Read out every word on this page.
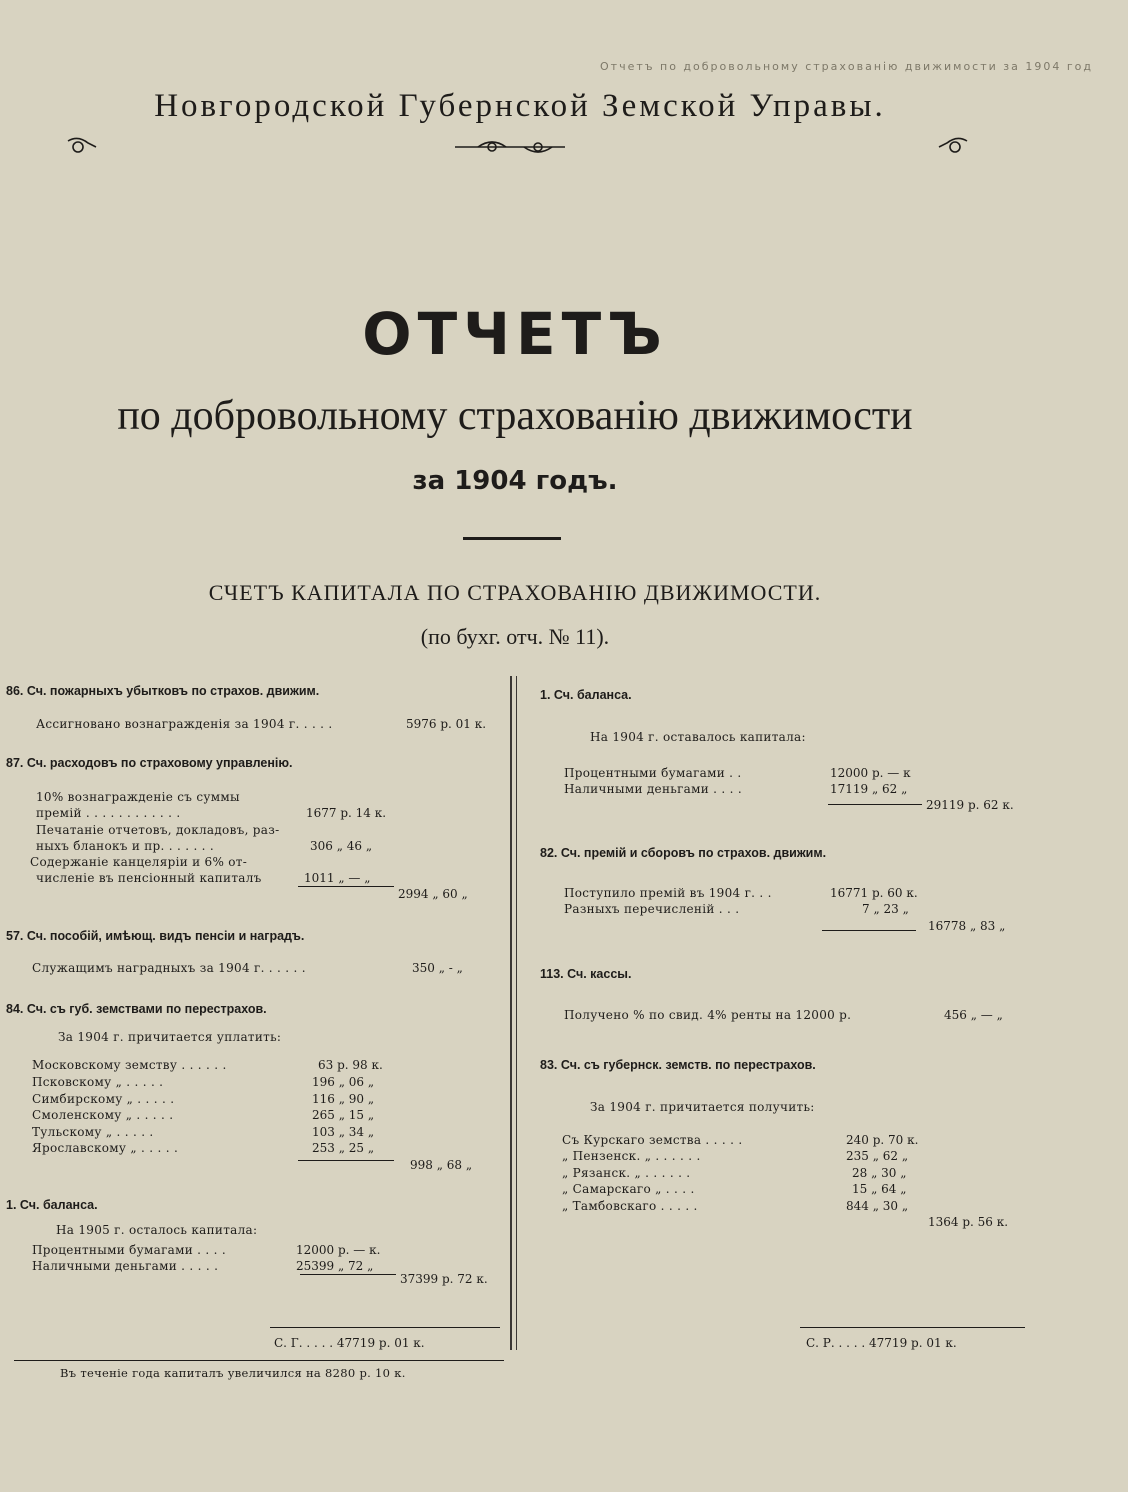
Отчетъ по добровольному страхованію движимости за 1904 год
Новгородской Губернской Земской Управы.
ОТЧЕТЪ
по добровольному страхованію движимости
за 1904 годъ.
СЧЕТЪ КАПИТАЛА ПО СТРАХОВАНІЮ ДВИЖИМОСТИ.
(по бухг. отч. № 11).
86. Сч. пожарныхъ убытковъ по страхов. движим.
Ассигновано вознагражденія за 1904 г. . . . .	5976 р. 01 к.
87. Сч. расходовъ по страховому управленію.
10% вознагражденіе съ суммы
премій . . . . . . . . . . . .	1677 р. 14 к.
Печатаніе отчетовъ, докладовъ, раз-
ныхъ бланокъ и пр. . . . . . .	306 „ 46 „
Содержаніе канцеляріи и 6% от-
численіе въ пенсіонный капиталъ	1011 „ — „
2994 „ 60 „
57. Сч. пособій, имѣющ. видъ пенсіи и наградъ.
Служащимъ наградныхъ за 1904 г. . . . . .	350 „ - „
84. Сч. съ губ. земствами по перестрахов.
За 1904 г. причитается уплатить:
Московскому земству . . . . . .	63 р. 98 к.
Псковскому „ . . . . .	196 „ 06 „
Симбирскому „ . . . . .	116 „ 90 „
Смоленскому „ . . . . .	265 „ 15 „
Тульскому „ . . . . .	103 „ 34 „
Ярославскому „ . . . . .	253 „ 25 „
998 „ 68 „
1. Сч. баланса.
На 1905 г. осталось капитала:
Процентными бумагами . . . .	12000 р. — к.
Наличными деньгами . . . . .	25399 „ 72 „
37399 р. 72 к.
С. Г. . . . . 47719 р. 01 к.
Въ теченіе года капиталъ увеличился на 8280 р. 10 к.
1. Сч. баланса.
На 1904 г. оставалось капитала:
Процентными бумагами . .	12000 р. — к
Наличными деньгами . . . .	17119 „ 62 „
29119 р. 62 к.
82. Сч. премій и сборовъ по страхов. движим.
Поступило премій въ 1904 г. . .	16771 р. 60 к.
Разныхъ перечисленій . . .	7 „ 23 „
16778 „ 83 „
113. Сч. кассы.
Получено % по свид. 4% ренты на 12000 р.	456 „ — „
83. Сч. съ губернск. земств. по перестрахов.
За 1904 г. причитается получить:
Съ Курскаго земства . . . . .	240 р. 70 к.
„ Пензенск. „ . . . . . .	235 „ 62 „
„ Рязанск. „ . . . . . .	28 „ 30 „
„ Самарскаго „ . . . .	15 „ 64 „
„ Тамбовскаго . . . . .	844 „ 30 „
1364 р. 56 к.
С. Р. . . . . 47719 р. 01 к.
